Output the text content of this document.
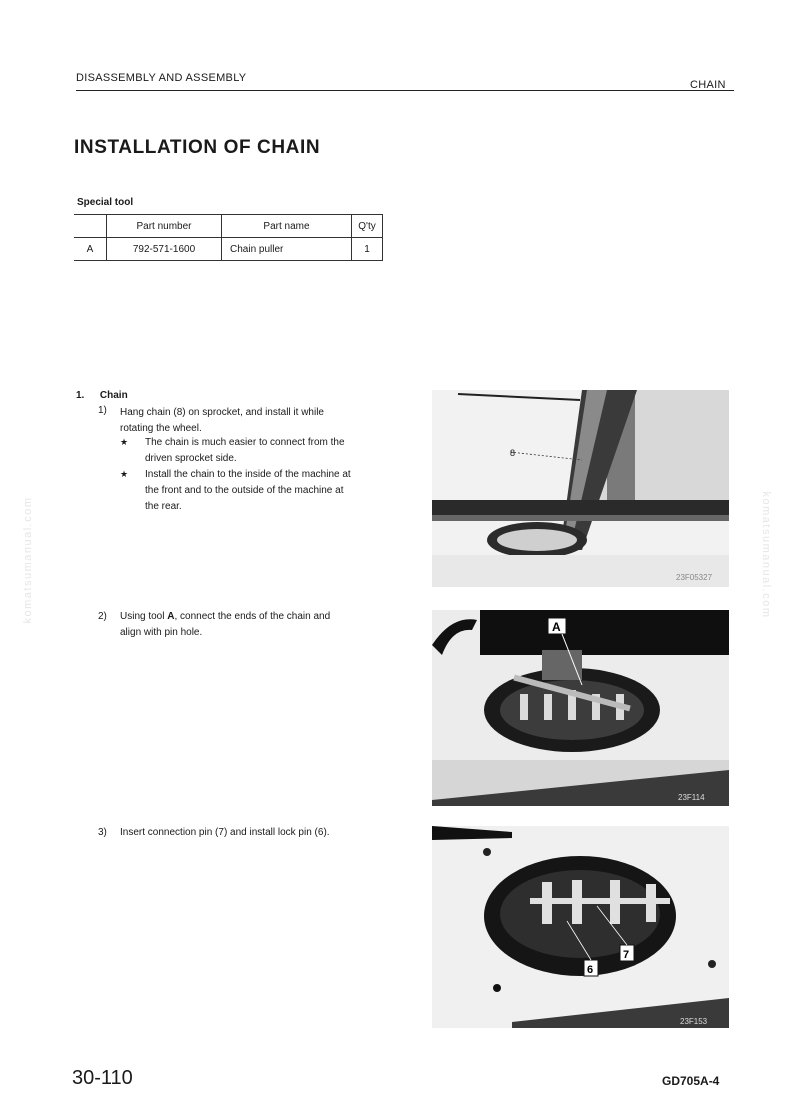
DISASSEMBLY AND ASSEMBLY
CHAIN
INSTALLATION OF CHAIN
Special tool
	Part number	Part name	Q'ty
A	792-571-1600	Chain puller	1
1. Chain
1) Hang chain (8) on sprocket, and install it while
rotating the wheel.
★ The chain is much easier to connect from the
driven sprocket side.
★ Install the chain to the inside of the machine at
the front and to the outside of the machine at
the rear.
2) Using tool A, connect the ends of the chain and
align with pin hole.
3) Insert connection pin (7) and install lock pin (6).
8
23F05327
A
23F114
7
6
23F153
komatsumanual.com	komatsumanual.com
30-110	GD705A-4
